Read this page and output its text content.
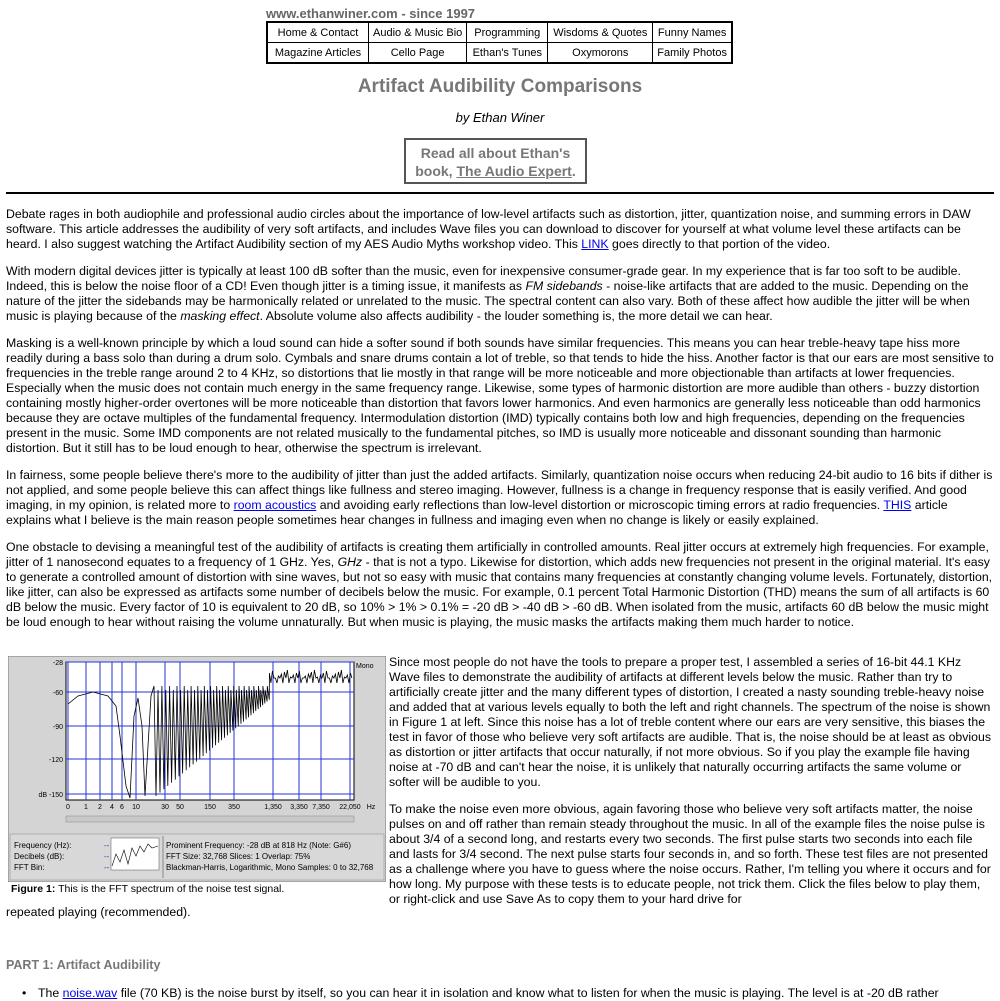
www.ethanwiner.com - since 1997
Home & Contact	Audio & Music Bio	Programming	Wisdoms & Quotes	Funny Names
Magazine Articles	Cello Page	Ethan's Tunes	Oxymorons	Family Photos
Artifact Audibility Comparisons
by Ethan Winer
Read all about Ethan's
book, The Audio Expert.

Debate rages in both audiophile and professional audio circles about the importance of low-level artifacts such as distortion, jitter, quantization noise, and summing errors in DAW software. This article addresses the audibility of very soft artifacts, and includes Wave files you can download to discover for yourself at what volume level these artifacts can be heard. I also suggest watching the Artifact Audibility section of my AES Audio Myths workshop video. This LINK goes directly to that portion of the video.

With modern digital devices jitter is typically at least 100 dB softer than the music, even for inexpensive consumer-grade gear. In my experience that is far too soft to be audible. Indeed, this is below the noise floor of a CD! Even though jitter is a timing issue, it manifests as FM sidebands - noise-like artifacts that are added to the music. Depending on the nature of the jitter the sidebands may be harmonically related or unrelated to the music. The spectral content can also vary. Both of these affect how audible the jitter will be when music is playing because of the masking effect. Absolute volume also affects audibility - the louder something is, the more detail we can hear.

Masking is a well-known principle by which a loud sound can hide a softer sound if both sounds have similar frequencies. This means you can hear treble-heavy tape hiss more readily during a bass solo than during a drum solo. Cymbals and snare drums contain a lot of treble, so that tends to hide the hiss. Another factor is that our ears are most sensitive to frequencies in the treble range around 2 to 4 KHz, so distortions that lie mostly in that range will be more noticeable and more objectionable than artifacts at lower frequencies. Especially when the music does not contain much energy in the same frequency range. Likewise, some types of harmonic distortion are more audible than others - buzzy distortion containing mostly higher-order overtones will be more noticeable than distortion that favors lower harmonics. And even harmonics are generally less noticeable than odd harmonics because they are octave multiples of the fundamental frequency. Intermodulation distortion (IMD) typically contains both low and high frequencies, depending on the frequencies present in the music. Some IMD components are not related musically to the fundamental pitches, so IMD is usually more noticeable and dissonant sounding than harmonic distortion. But it still has to be loud enough to hear, otherwise the spectrum is irrelevant.

In fairness, some people believe there's more to the audibility of jitter than just the added artifacts. Similarly, quantization noise occurs when reducing 24-bit audio to 16 bits if dither is not applied, and some people believe this can affect things like fullness and stereo imaging. However, fullness is a change in frequency response that is easily verified. And good imaging, in my opinion, is related more to room acoustics and avoiding early reflections than low-level distortion or microscopic timing errors at radio frequencies. THIS article explains what I believe is the main reason people sometimes hear changes in fullness and imaging even when no change is likely or easily explained.

One obstacle to devising a meaningful test of the audibility of artifacts is creating them artificially in controlled amounts. Real jitter occurs at extremely high frequencies. For example, jitter of 1 nanosecond equates to a frequency of 1 GHz. Yes, GHz - that is not a typo. Likewise for distortion, which adds new frequencies not present in the original material. It's easy to generate a controlled amount of distortion with sine waves, but not so easy with music that contains many frequencies at constantly changing volume levels. Fortunately, distortion, like jitter, can also be expressed as artifacts some number of decibels below the music. For example, 0.1 percent Total Harmonic Distortion (THD) means the sum of all artifacts is 60 dB below the music. Every factor of 10 is equivalent to 20 dB, so 10% > 1% > 0.1% = -20 dB > -40 dB > -60 dB. When isolated from the music, artifacts 60 dB below the music might be loud enough to hear without raising the volume unnaturally. But when music is playing, the music masks the artifacts making them much harder to notice.

-28
-60
-90
-120
dB -150
0 1 2 4 6 10	30 50	150 350	1,350 3,350 7,350 22,050 Hz
Mono
Frequency (Hz):
Decibels (dB):
FFT Bin:
--
--
--
Prominent Frequency: -28 dB at 818 Hz (Note: G#6)
FFT Size: 32,768 Slices: 1 Overlap: 75%
Blackman-Harris, Logarithmic, Mono Samples: 0 to 32,768
Figure 1: This is the FFT spectrum of the noise test signal.

Since most people do not have the tools to prepare a proper test, I assembled a series of 16-bit 44.1 KHz Wave files to demonstrate the audibility of artifacts at different levels below the music. Rather than try to artificially create jitter and the many different types of distortion, I created a nasty sounding treble-heavy noise and added that at various levels equally to both the left and right channels. The spectrum of the noise is shown in Figure 1 at left. Since this noise has a lot of treble content where our ears are very sensitive, this biases the test in favor of those who believe very soft artifacts are audible. That is, the noise should be at least as obvious as distortion or jitter artifacts that occur naturally, if not more obvious. So if you play the example file having noise at -70 dB and can't hear the noise, it is unlikely that naturally occurring artifacts the same volume or softer will be audible to you.

To make the noise even more obvious, again favoring those who believe very soft artifacts matter, the noise pulses on and off rather than remain steady throughout the music. In all of the example files the noise pulse is about 3/4 of a second long, and restarts every two seconds. The first pulse starts two seconds into each file and lasts for 3/4 second. The next pulse starts four seconds in, and so forth. These test files are not presented as a challenge where you have to guess where the noise occurs. Rather, I'm telling you where it occurs and for how long. My purpose with these tests is to educate people, not trick them. Click the files below to play them, or right-click and use Save As to copy them to your hard drive for

repeated playing (recommended).
PART 1: Artifact Audibility
• The noise.wav file (70 KB) is the noise burst by itself, so you can hear it in isolation and know what to listen for when the music is playing. The level is at -20 dB rather
